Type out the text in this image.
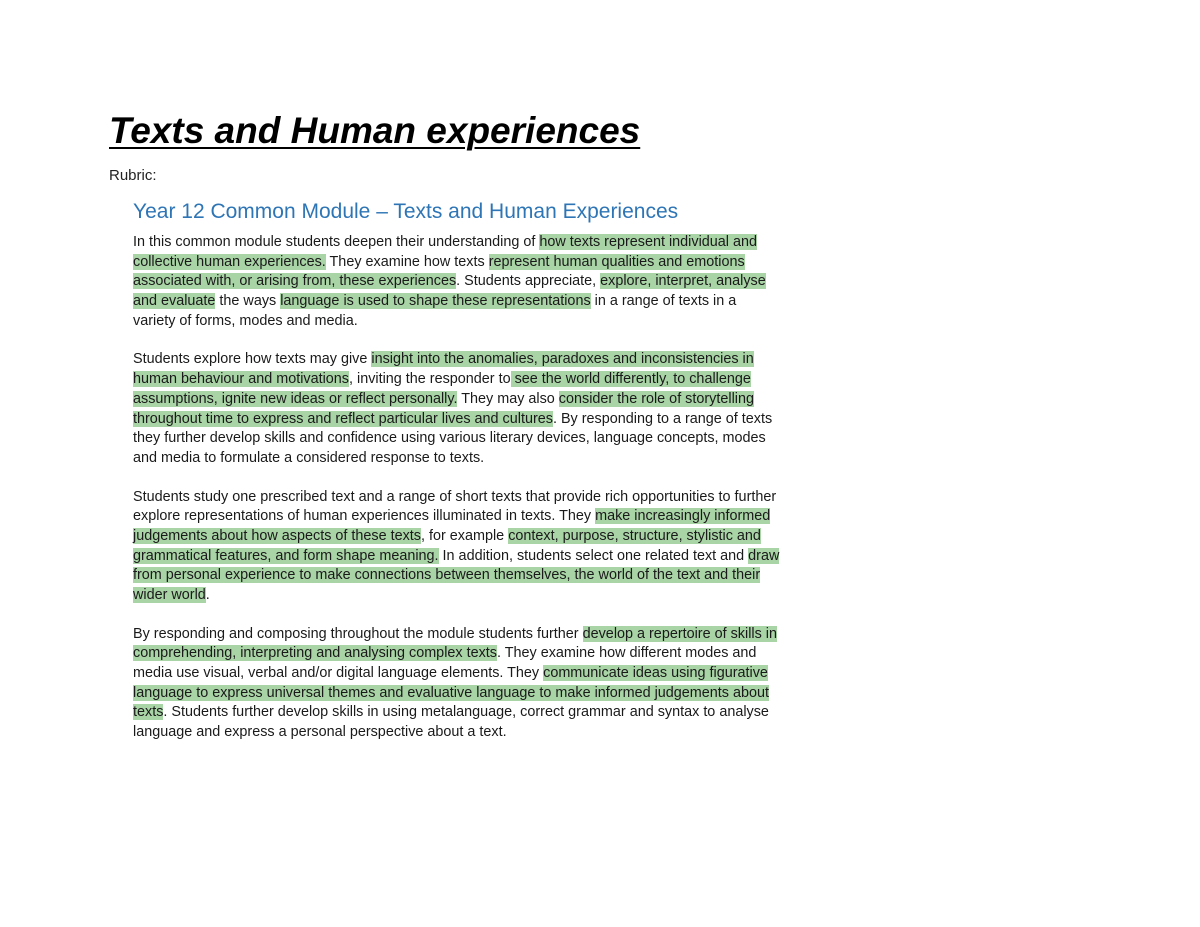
Texts and Human experiences
Rubric:
Year 12 Common Module – Texts and Human Experiences

In this common module students deepen their understanding of how texts represent individual and
collective human experiences. They examine how texts represent human qualities and emotions
associated with, or arising from, these experiences. Students appreciate, explore, interpret, analyse
and evaluate the ways language is used to shape these representations in a range of texts in a
variety of forms, modes and media.

Students explore how texts may give insight into the anomalies, paradoxes and inconsistencies in
human behaviour and motivations, inviting the responder to see the world differently, to challenge
assumptions, ignite new ideas or reflect personally. They may also consider the role of storytelling
throughout time to express and reflect particular lives and cultures. By responding to a range of texts
they further develop skills and confidence using various literary devices, language concepts, modes
and media to formulate a considered response to texts.

Students study one prescribed text and a range of short texts that provide rich opportunities to further
explore representations of human experiences illuminated in texts. They make increasingly informed
judgements about how aspects of these texts, for example context, purpose, structure, stylistic and
grammatical features, and form shape meaning. In addition, students select one related text and draw
from personal experience to make connections between themselves, the world of the text and their
wider world.

By responding and composing throughout the module students further develop a repertoire of skills in
comprehending, interpreting and analysing complex texts. They examine how different modes and
media use visual, verbal and/or digital language elements. They communicate ideas using figurative
language to express universal themes and evaluative language to make informed judgements about
texts. Students further develop skills in using metalanguage, correct grammar and syntax to analyse
language and express a personal perspective about a text.
